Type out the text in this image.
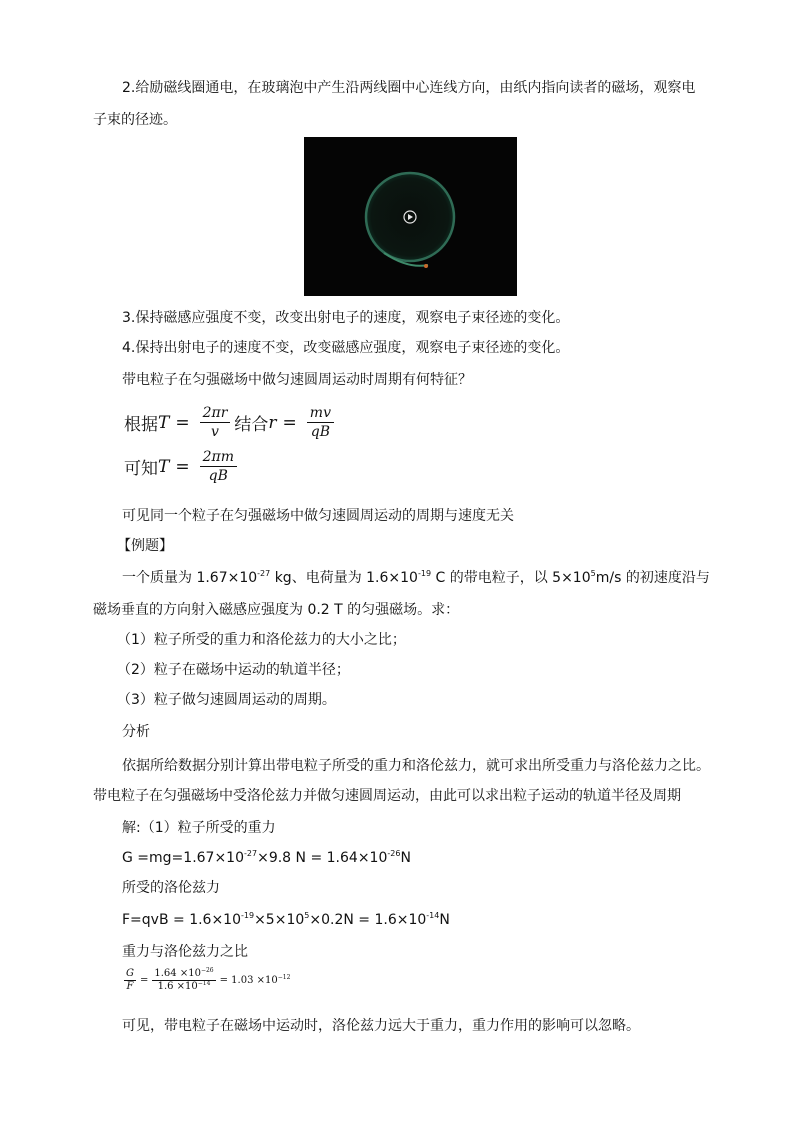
2.给励磁线圈通电，在玻璃泡中产生沿两线圈中心连线方向，由纸内指向读者的磁场，观察电
子束的径迹。
3.保持磁感应强度不变，改变出射电子的速度，观察电子束径迹的变化。
4.保持出射电子的速度不变，改变磁感应强度，观察电子束径迹的变化。
带电粒子在匀强磁场中做匀速圆周运动时周期有何特征？
根据 $T = \frac{2\pi r}{v}$ 结合 $r = \frac{mv}{qB}$
可知 $T = \frac{2\pi m}{qB}$
可见同一个粒子在匀强磁场中做匀速圆周运动的周期与速度无关
【例题】
一个质量为 $1.67\times 10^{-27}$ kg、电荷量为 $1.6\times 10^{-19}$ C 的带电粒子，以 $5\times 10^5m/s$ 的初速度沿与
磁场垂直的方向射入磁感应强度为 0.2 T 的匀强磁场。求：
（1）粒子所受的重力和洛伦兹力的大小之比；
（2）粒子在磁场中运动的轨道半径；
（3）粒子做匀速圆周运动的周期。
分析
依据所给数据分别计算出带电粒子所受的重力和洛伦兹力，就可求出所受重力与洛伦兹力之比。
带电粒子在匀强磁场中受洛伦兹力并做匀速圆周运动，由此可以求出粒子运动的轨道半径及周期
解:（1）粒子所受的重力
$G =mg=1.67\times 10^{-27}\times 9.8$ $N = 1.64\times 10^{-26}N$
所受的洛伦兹力
$F=qvB = 1.6\times 10^{-19}\times 5\times 10^5\times 0.2N = 1.6\times 10^{-14}N$
重力与洛伦兹力之比
$\frac{G}{F} = \frac{1.64 \times 10^{-26}}{1.6 \times 10^{-14}} = 1.03 \times 10^{-12}$
可见，带电粒子在磁场中运动时，洛伦兹力远大于重力，重力作用的影响可以忽略。
